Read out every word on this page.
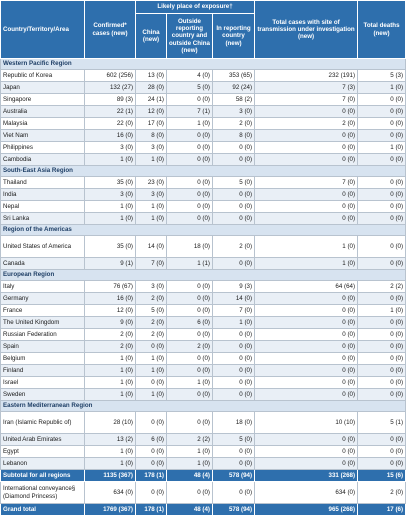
Country/Territory/Area	Confirmed* cases (new)	Likely place of exposure†			Total cases with site of transmission under investigation (new)	Total deaths (new)
		China (new)	Outside reporting country and outside China (new)	In reporting country (new)		
Western Pacific Region						
Republic of Korea	602 (256)	13 (0)	4 (0)	353 (65)	232 (191)	5 (3)
Japan	132 (27)	28 (0)	5 (0)	92 (24)	7 (3)	1 (0)
Singapore	89 (3)	24 (1)	0 (0)	58 (2)	7 (0)	0 (0)
Australia	22 (1)	12 (0)	7 (1)	3 (0)	0 (0)	0 (0)
Malaysia	22 (0)	17 (0)	1 (0)	2 (0)	2 (0)	0 (0)
Viet Nam	16 (0)	8 (0)	0 (0)	8 (0)	0 (0)	0 (0)
Philippines	3 (0)	3 (0)	0 (0)	0 (0)	0 (0)	1 (0)
Cambodia	1 (0)	1 (0)	0 (0)	0 (0)	0 (0)	0 (0)
South-East Asia Region						
Thailand	35 (0)	23 (0)	0 (0)	5 (0)	7 (0)	0 (0)
India	3 (0)	3 (0)	0 (0)	0 (0)	0 (0)	0 (0)
Nepal	1 (0)	1 (0)	0 (0)	0 (0)	0 (0)	0 (0)
Sri Lanka	1 (0)	1 (0)	0 (0)	0 (0)	0 (0)	0 (0)
Region of the Americas						
United States of America	35 (0)	14 (0)	18 (0)	2 (0)	1 (0)	0 (0)
Canada	9 (1)	7 (0)	1 (1)	0 (0)	1 (0)	0 (0)
European Region						
Italy	76 (67)	3 (0)	0 (0)	9 (3)	64 (64)	2 (2)
Germany	16 (0)	2 (0)	0 (0)	14 (0)	0 (0)	0 (0)
France	12 (0)	5 (0)	0 (0)	7 (0)	0 (0)	1 (0)
The United Kingdom	9 (0)	2 (0)	6 (0)	1 (0)	0 (0)	0 (0)
Russian Federation	2 (0)	2 (0)	0 (0)	0 (0)	0 (0)	0 (0)
Spain	2 (0)	0 (0)	2 (0)	0 (0)	0 (0)	0 (0)
Belgium	1 (0)	1 (0)	0 (0)	0 (0)	0 (0)	0 (0)
Finland	1 (0)	1 (0)	0 (0)	0 (0)	0 (0)	0 (0)
Israel	1 (0)	0 (0)	1 (0)	0 (0)	0 (0)	0 (0)
Sweden	1 (0)	1 (0)	0 (0)	0 (0)	0 (0)	0 (0)
Eastern Mediterranean Region						
Iran (Islamic Republic of)	28 (10)	0 (0)	0 (0)	18 (0)	10 (10)	5 (1)
United Arab Emirates	13 (2)	6 (0)	2 (2)	5 (0)	0 (0)	0 (0)
Egypt	1 (0)	0 (0)	1 (0)	0 (0)	0 (0)	0 (0)
Lebanon	1 (0)	0 (0)	1 (0)	0 (0)	0 (0)	0 (0)
Subtotal for all regions	1135 (367)	178 (1)	48 (4)	578 (94)	331 (268)	15 (6)
International conveyance§ (Diamond Princess)	634 (0)	0 (0)	0 (0)	0 (0)	634 (0)	2 (0)
Grand total	1769 (367)	178 (1)	48 (4)	578 (94)	965 (268)	17 (6)
